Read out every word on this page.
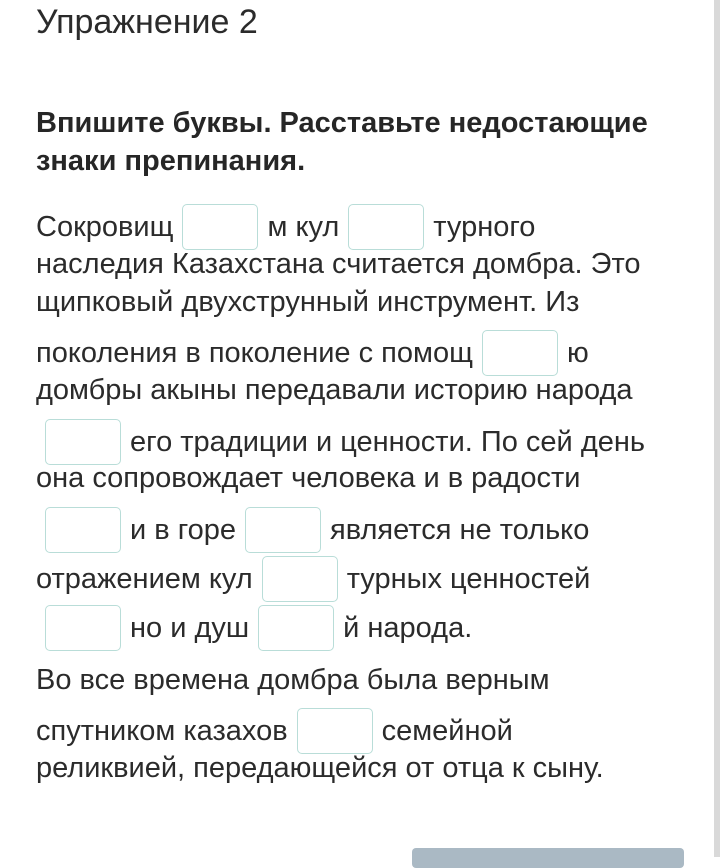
Упражнение 2
Впишите буквы. Расставьте недостающие знаки препинания.
Сокровищ	м кул	турного
наследия Казахстана считается домбра. Это
щипковый двухструнный инструмент. Из
поколения в поколение с помощ	ю
домбры акыны передавали историю народа
его традиции и ценности. По сей день
она сопровождает человека и в радости
и в горе	является не только
отражением кул	турных ценностей
но и душ	й народа.
Во все времена домбра была верным
спутником казахов	семейной
реликвией, передающейся от отца к сыну.
